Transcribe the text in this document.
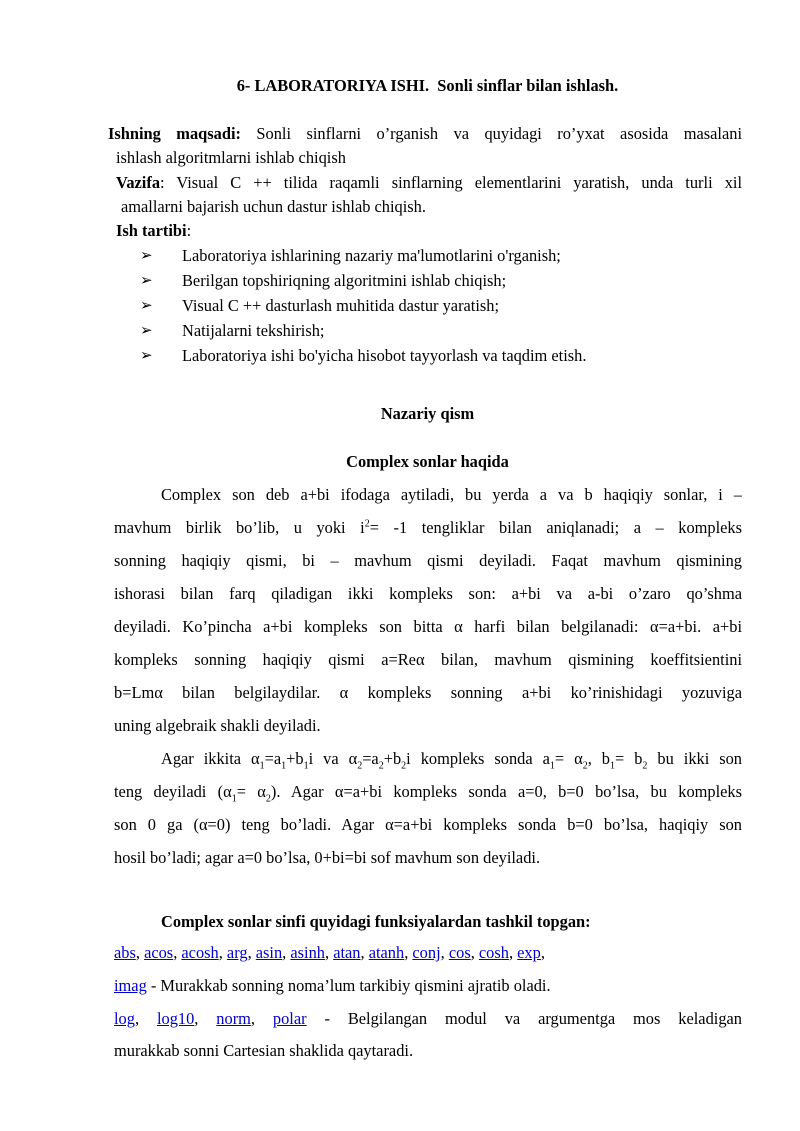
6- LABORATORIYA ISHI.  Sonli sinflar bilan ishlash.
Ishning maqsadi: Sonli sinflarni o’rganish va quyidagi ro’yxat asosida masalani
ishlash algoritmlarni ishlab chiqish
Vazifa: Visual C ++ tilida raqamli sinflarning elementlarini yaratish, unda turli xil
amallarni bajarish uchun dastur ishlab chiqish.
Ish tartibi:
➢ Laboratoriya ishlarining nazariy ma'lumotlarini o'rganish;
➢ Berilgan topshiriqning algoritmini ishlab chiqish;
➢ Visual C ++ dasturlash muhitida dastur yaratish;
➢ Natijalarni tekshirish;
➢ Laboratoriya ishi bo'yicha hisobot tayyorlash va taqdim etish.
Nazariy qism
Complex sonlar haqida
Complex son deb a+bi ifodaga aytiladi, bu yerda a va b haqiqiy sonlar, i –
mavhum birlik bo’lib, u yoki $i^2= -1$ tengliklar bilan aniqlanadi; a – kompleks
sonning haqiqiy qismi, bi – mavhum qismi deyiladi. Faqat mavhum qismining
ishorasi bilan farq qiladigan ikki kompleks son: a+bi va a-bi o’zaro qo’shma
deyiladi. Ko’pincha a+bi kompleks son bitta α harfi bilan belgilanadi: α=a+bi. a+bi
kompleks sonning haqiqiy qismi a=Reα bilan, mavhum qismining koeffitsientini
b=Lmα bilan belgilaydilar. α kompleks sonning a+bi ko’rinishidagi yozuviga
uning algebraik shakli deyiladi.
Agar ikkita $\alpha_1=a_1+b_1i$ va $\alpha_2=a_2+b_2i$ kompleks sonda $a_1= \alpha_2$, $b_1= b_2$ bu ikki son
teng deyiladi $(\alpha_1= \alpha_2)$. Agar α=a+bi kompleks sonda a=0, b=0 bo’lsa, bu kompleks
son 0 ga (α=0) teng bo’ladi. Agar α=a+bi kompleks sonda b=0 bo’lsa, haqiqiy son
hosil bo’ladi; agar a=0 bo’lsa, 0+bi=bi sof mavhum son deyiladi.
Complex sonlar sinfi quyidagi funksiyalardan tashkil topgan:
abs, acos, acosh, arg, asin, asinh, atan, atanh, conj, cos, cosh, exp,
imag - Murakkab sonning noma’lum tarkibiy qismini ajratib oladi.
log, log10, norm, polar - Belgilangan modul va argumentga mos keladigan
murakkab sonni Cartesian shaklida qaytaradi.
